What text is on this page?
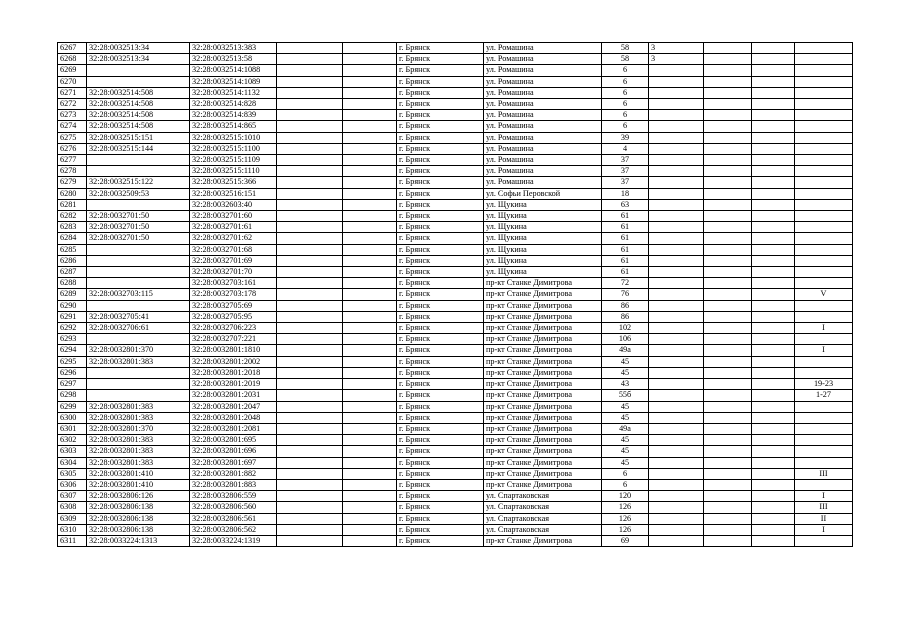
6267	32:28:0032513:34	32:28:0032513:383			г. Брянск	ул. Ромашина	58	3			
6268	32:28:0032513:34	32:28:0032513:58			г. Брянск	ул. Ромашина	58	3			
6269		32:28:0032514:1088			г. Брянск	ул. Ромашина	6				
6270		32:28:0032514:1089			г. Брянск	ул. Ромашина	6				
6271	32:28:0032514:508	32:28:0032514:1132			г. Брянск	ул. Ромашина	6				
6272	32:28:0032514:508	32:28:0032514:828			г. Брянск	ул. Ромашина	6				
6273	32:28:0032514:508	32:28:0032514:839			г. Брянск	ул. Ромашина	6				
6274	32:28:0032514:508	32:28:0032514:865			г. Брянск	ул. Ромашина	6				
6275	32:28:0032515:151	32:28:0032515:1010			г. Брянск	ул. Ромашина	39				
6276	32:28:0032515:144	32:28:0032515:1100			г. Брянск	ул. Ромашина	4				
6277		32:28:0032515:1109			г. Брянск	ул. Ромашина	37				
6278		32:28:0032515:1110			г. Брянск	ул. Ромашина	37				
6279	32:28:0032515:122	32:28:0032515:366			г. Брянск	ул. Ромашина	37				
6280	32:28:0032509:53	32:28:0032516:151			г. Брянск	ул. Софьи Перовской	18				
6281		32:28:0032603:40			г. Брянск	ул. Щукина	63				
6282	32:28:0032701:50	32:28:0032701:60			г. Брянск	ул. Щукина	61				
6283	32:28:0032701:50	32:28:0032701:61			г. Брянск	ул. Щукина	61				
6284	32:28:0032701:50	32:28:0032701:62			г. Брянск	ул. Щукина	61				
6285		32:28:0032701:68			г. Брянск	ул. Щукина	61				
6286		32:28:0032701:69			г. Брянск	ул. Щукина	61				
6287		32:28:0032701:70			г. Брянск	ул. Щукина	61				
6288		32:28:0032703:161			г. Брянск	пр-кт Станке Димитрова	72				
6289	32:28:0032703:115	32:28:0032703:178			г. Брянск	пр-кт Станке Димитрова	76				V
6290		32:28:0032705:69			г. Брянск	пр-кт Станке Димитрова	86				
6291	32:28:0032705:41	32:28:0032705:95			г. Брянск	пр-кт Станке Димитрова	86				
6292	32:28:0032706:61	32:28:0032706:223			г. Брянск	пр-кт Станке Димитрова	102				I
6293		32:28:0032707:221			г. Брянск	пр-кт Станке Димитрова	106				
6294	32:28:0032801:370	32:28:0032801:1810			г. Брянск	пр-кт Станке Димитрова	49а				I
6295	32:28:0032801:383	32:28:0032801:2002			г. Брянск	пр-кт Станке Димитрова	45				
6296		32:28:0032801:2018			г. Брянск	пр-кт Станке Димитрова	45				
6297		32:28:0032801:2019			г. Брянск	пр-кт Станке Димитрова	43				19-23
6298		32:28:0032801:2031			г. Брянск	пр-кт Станке Димитрова	55б				1-27
6299	32:28:0032801:383	32:28:0032801:2047			г. Брянск	пр-кт Станке Димитрова	45				
6300	32:28:0032801:383	32:28:0032801:2048			г. Брянск	пр-кт Станке Димитрова	45				
6301	32:28:0032801:370	32:28:0032801:2081			г. Брянск	пр-кт Станке Димитрова	49а				
6302	32:28:0032801:383	32:28:0032801:695			г. Брянск	пр-кт Станке Димитрова	45				
6303	32:28:0032801:383	32:28:0032801:696			г. Брянск	пр-кт Станке Димитрова	45				
6304	32:28:0032801:383	32:28:0032801:697			г. Брянск	пр-кт Станке Димитрова	45				
6305	32:28:0032801:410	32:28:0032801:882			г. Брянск	пр-кт Станке Димитрова	6				III
6306	32:28:0032801:410	32:28:0032801:883			г. Брянск	пр-кт Станке Димитрова	6				
6307	32:28:0032806:126	32:28:0032806:559			г. Брянск	ул. Спартаковская	120				I
6308	32:28:0032806:138	32:28:0032806:560			г. Брянск	ул. Спартаковская	126				III
6309	32:28:0032806:138	32:28:0032806:561			г. Брянск	ул. Спартаковская	126				II
6310	32:28:0032806:138	32:28:0032806:562			г. Брянск	ул. Спартаковская	126				I
6311	32:28:0033224:1313	32:28:0033224:1319			г. Брянск	пр-кт Станке Димитрова	69				
